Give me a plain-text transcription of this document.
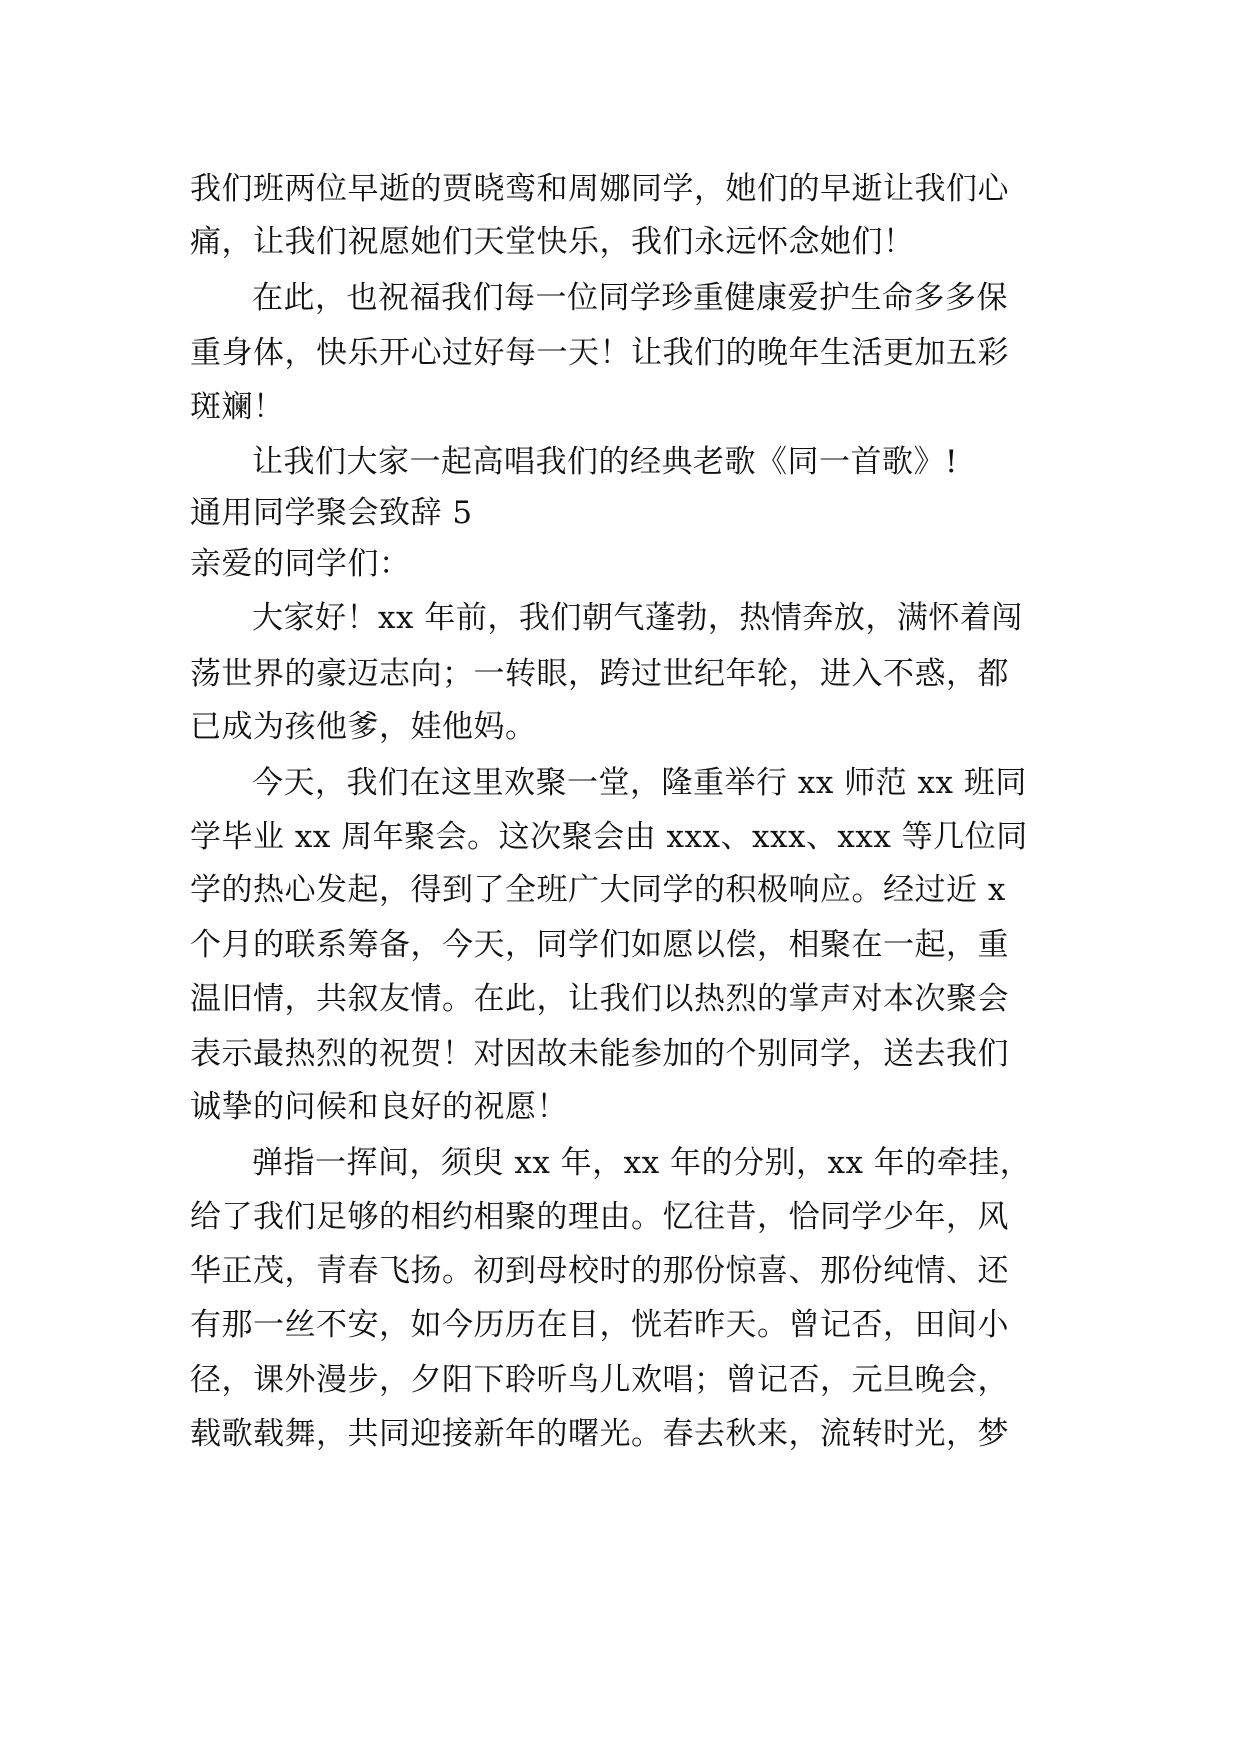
我们班两位早逝的贾晓鸾和周娜同学，她们的早逝让我们心
痛，让我们祝愿她们天堂快乐，我们永远怀念她们！
在此，也祝福我们每一位同学珍重健康爱护生命多多保
重身体，快乐开心过好每一天！让我们的晚年生活更加五彩
斑斓！
让我们大家一起高唱我们的经典老歌《同一首歌》!
通用同学聚会致辞 5
亲爱的同学们：
大家好！xx 年前，我们朝气蓬勃，热情奔放，满怀着闯
荡世界的豪迈志向；一转眼，跨过世纪年轮，进入不惑，都
已成为孩他爹，娃他妈。
今天，我们在这里欢聚一堂，隆重举行 xx 师范 xx 班同
学毕业 xx 周年聚会。这次聚会由 xxx、xxx、xxx 等几位同
学的热心发起，得到了全班广大同学的积极响应。经过近 x
个月的联系筹备，今天，同学们如愿以偿，相聚在一起，重
温旧情，共叙友情。在此，让我们以热烈的掌声对本次聚会
表示最热烈的祝贺！对因故未能参加的个别同学，送去我们
诚挚的问候和良好的祝愿！
弹指一挥间，须臾 xx 年，xx 年的分别，xx 年的牵挂，
给了我们足够的相约相聚的理由。忆往昔，恰同学少年，风
华正茂，青春飞扬。初到母校时的那份惊喜、那份纯情、还
有那一丝不安，如今历历在目，恍若昨天。曾记否，田间小
径，课外漫步，夕阳下聆听鸟儿欢唱；曾记否，元旦晚会，
载歌载舞，共同迎接新年的曙光。春去秋来，流转时光，梦
